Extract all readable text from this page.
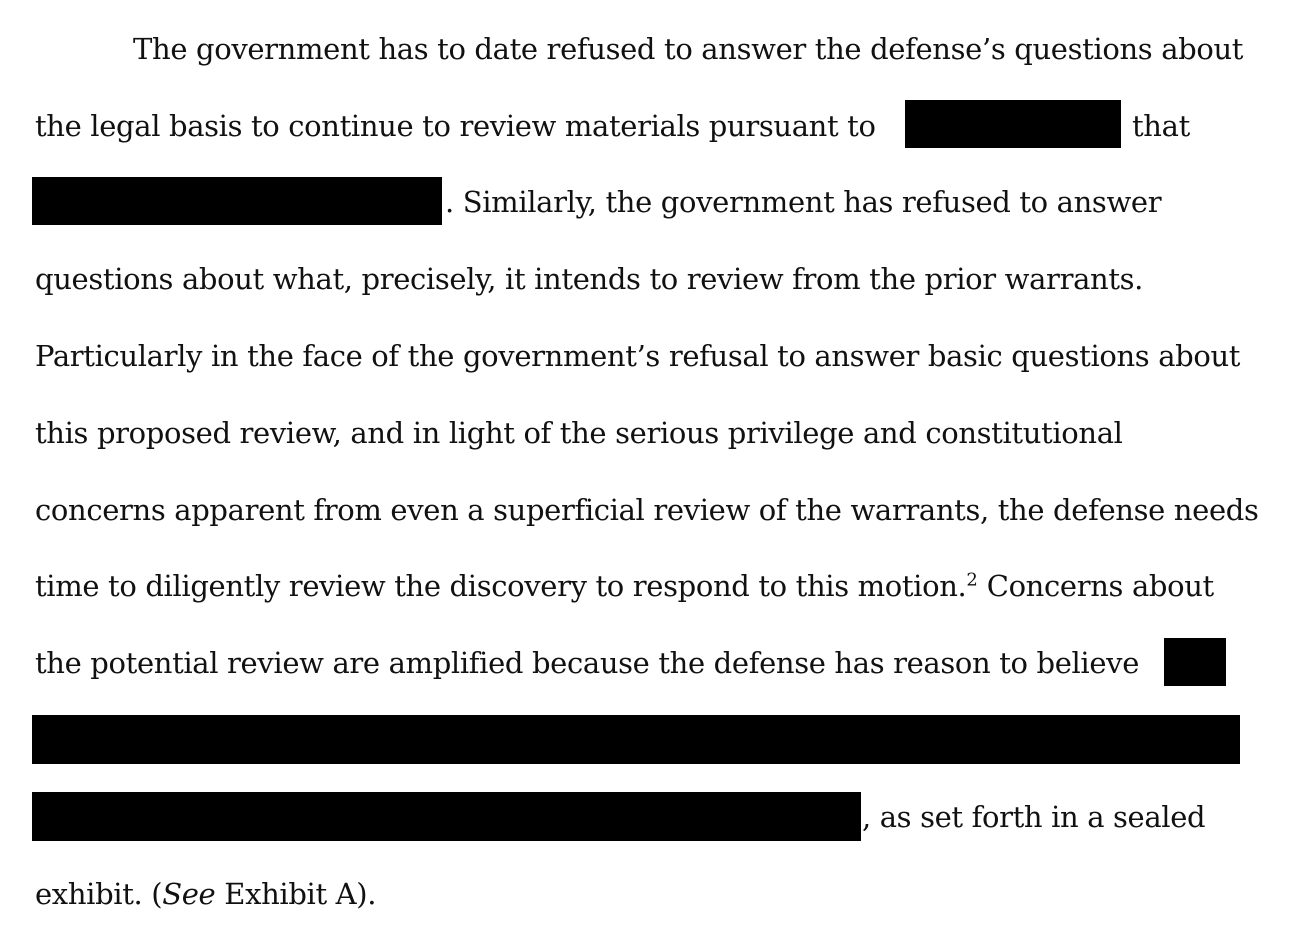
The government has to date refused to answer the defense’s questions about
the legal basis to continue to review materials pursuant to	that
. Similarly, the government has refused to answer
questions about what, precisely, it intends to review from the prior warrants.
Particularly in the face of the government’s refusal to answer basic questions about
this proposed review, and in light of the serious privilege and constitutional
concerns apparent from even a superficial review of the warrants, the defense needs
time to diligently review the discovery to respond to this motion.$^2$ Concerns about
the potential review are amplified because the defense has reason to believe
, as set forth in a sealed
exhibit. (See Exhibit A).
